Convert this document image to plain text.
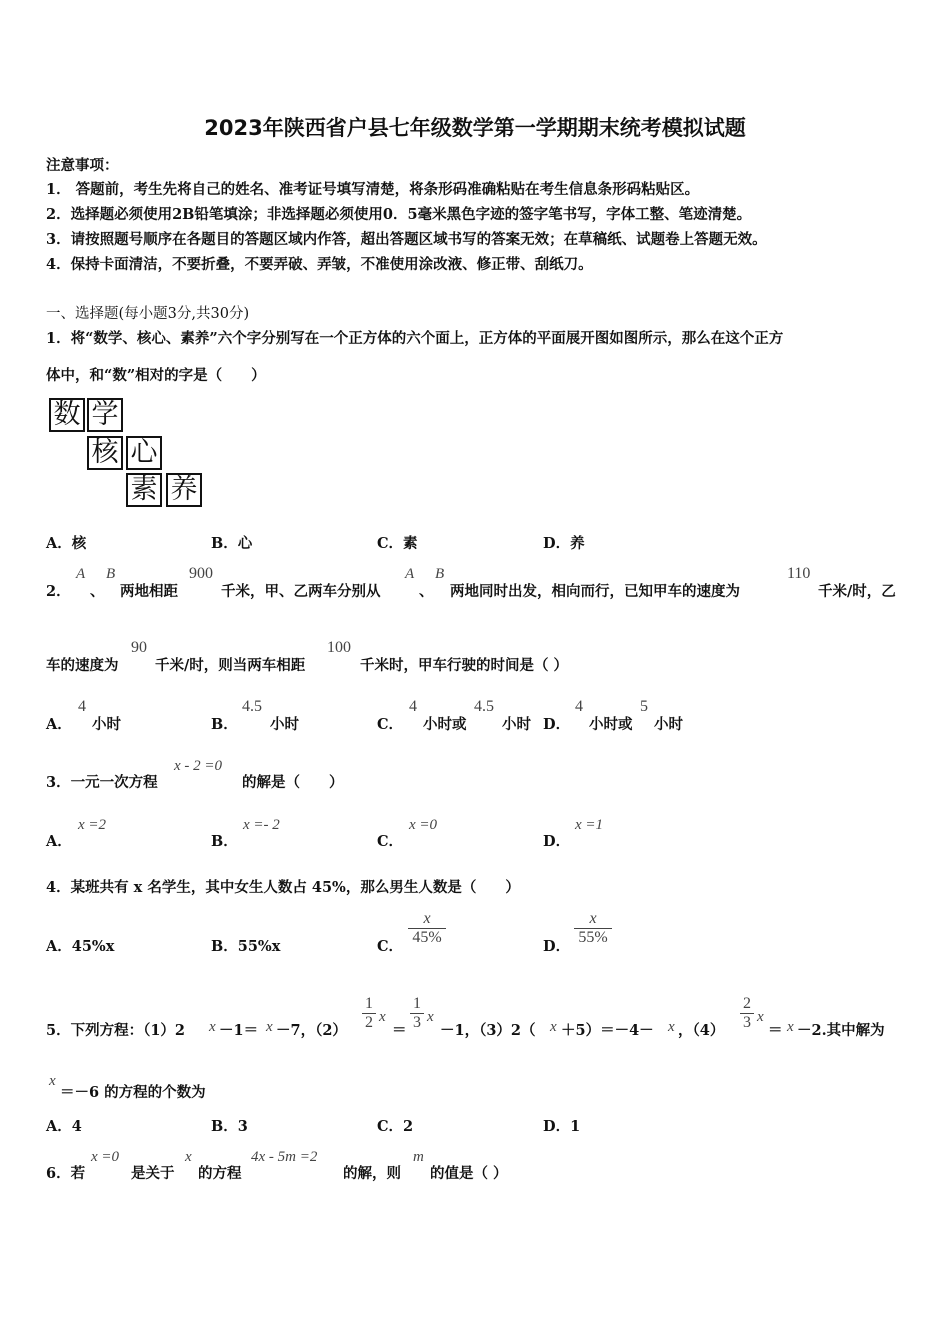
2023年陕西省户县七年级数学第一学期期末统考模拟试题
注意事项：
1． 答题前，考生先将自己的姓名、准考证号填写清楚，将条形码准确粘贴在考生信息条形码粘贴区。
2．选择题必须使用2B铅笔填涂；非选择题必须使用0．5毫米黑色字迹的签字笔书写，字体工整、笔迹清楚。
3．请按照题号顺序在各题目的答题区域内作答，超出答题区域书写的答案无效；在草稿纸、试题卷上答题无效。
4．保持卡面清洁，不要折叠，不要弄破、弄皱，不准使用涂改液、修正带、刮纸刀。
一、选择题(每小题3分,共30分)
1．将“数学、核心、素养”六个字分别写在一个正方体的六个面上，正方体的平面展开图如图所示，那么在这个正方
体中，和“数”相对的字是（　　）
数 学
核 心
素 养
A．核	B．心	C．素	D．养
2．
A
、
B
两地相距
900
千米，甲、乙两车分别从
A
、
B
两地同时出发，相向而行，已知甲车的速度为
110
千米/时，乙
车的速度为
90
千米/时，则当两车相距
100
千米时，甲车行驶的时间是（ ）
A．
4
小时	B．
4.5
小时	C．
4
小时或
4.5
小时 D．
4
小时或
5
小时
3．一元一次方程
x - 2 =0
的解是（　　）
A．
x =2
B．
x =- 2
C．
x =0
D．
x =1
4．某班共有 x 名学生，其中女生人数占 45%，那么男生人数是（　　）
A．45%x	B．55%x	C．
x
45%
D．
x
55%
5．下列方程：（1）2 x －1＝ x －7，（2）
1
2 x
＝
1
3 x
－1，（3）2（ x ＋5）＝－4－ x ，（4）
2
3 x
＝ x －2.其中解为
x
＝－6 的方程的个数为
A．4	B．3	C．2	D．1
6．若
x =0
是关于
x
的方程
4x - 5m =2
的解，则
m
的值是（ ）
